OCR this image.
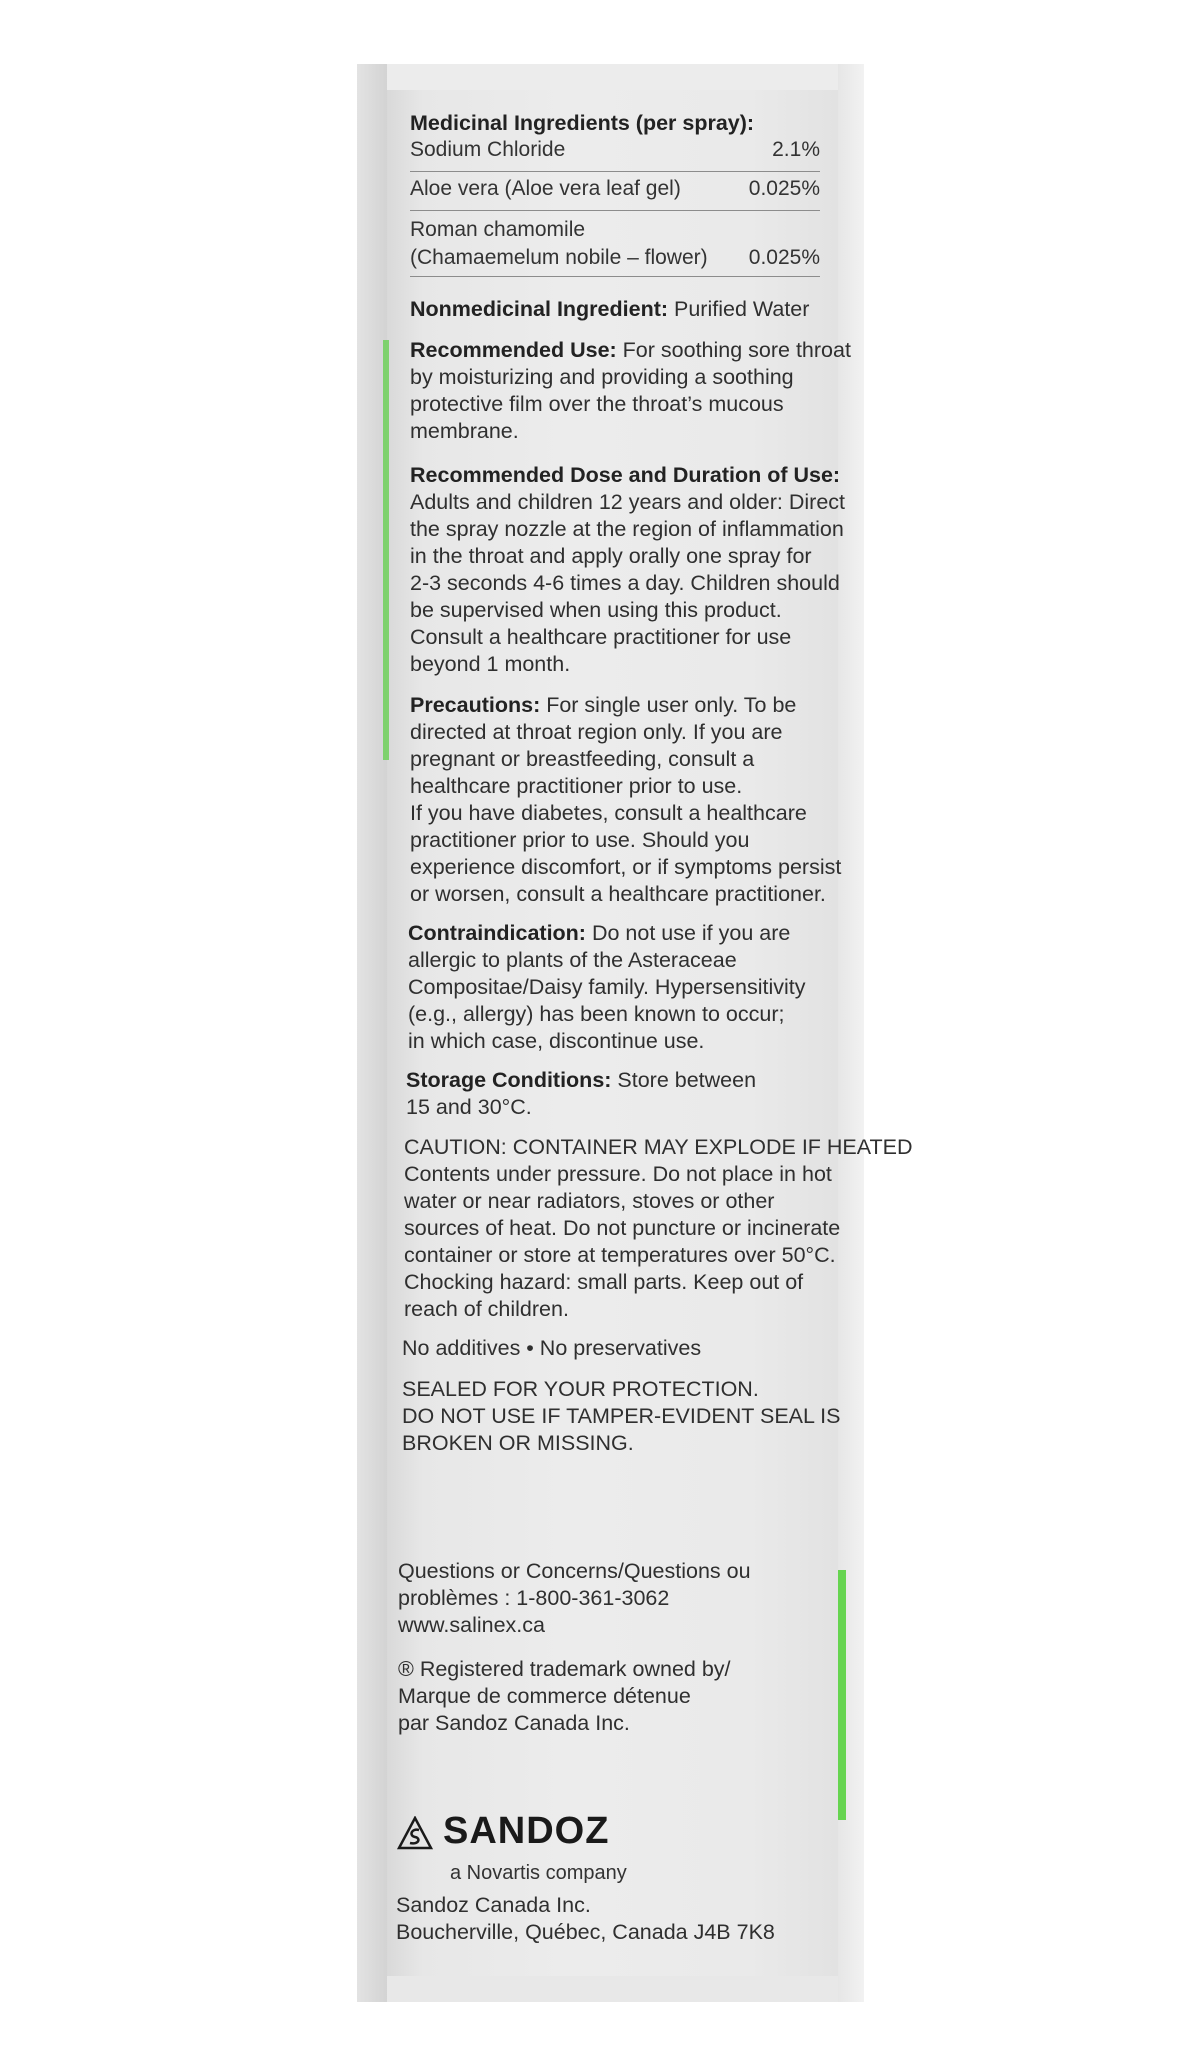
Medicinal Ingredients (per spray):
Sodium Chloride	2.1%
Aloe vera (Aloe vera leaf gel)	0.025%
Roman chamomile
(Chamaemelum nobile – flower)	0.025%
Nonmedicinal Ingredient: Purified Water
Recommended Use: For soothing sore throat
by moisturizing and providing a soothing
protective film over the throat’s mucous
membrane.
Recommended Dose and Duration of Use:
Adults and children 12 years and older: Direct
the spray nozzle at the region of inflammation
in the throat and apply orally one spray for
2-3 seconds 4-6 times a day. Children should
be supervised when using this product.
Consult a healthcare practitioner for use
beyond 1 month.
Precautions: For single user only. To be
directed at throat region only. If you are
pregnant or breastfeeding, consult a
healthcare practitioner prior to use.
If you have diabetes, consult a healthcare
practitioner prior to use. Should you
experience discomfort, or if symptoms persist
or worsen, consult a healthcare practitioner.
Contraindication: Do not use if you are
allergic to plants of the Asteraceae
Compositae/Daisy family. Hypersensitivity
(e.g., allergy) has been known to occur;
in which case, discontinue use.
Storage Conditions: Store between
15 and 30°C.
CAUTION: CONTAINER MAY EXPLODE IF HEATED
Contents under pressure. Do not place in hot
water or near radiators, stoves or other
sources of heat. Do not puncture or incinerate
container or store at temperatures over 50°C.
Chocking hazard: small parts. Keep out of
reach of children.
No additives • No preservatives
SEALED FOR YOUR PROTECTION.
DO NOT USE IF TAMPER-EVIDENT SEAL IS
BROKEN OR MISSING.
Questions or Concerns/Questions ou
problèmes : 1-800-361-3062
www.salinex.ca
® Registered trademark owned by/
Marque de commerce détenue
par Sandoz Canada Inc.
SANDOZ
a Novartis company
Sandoz Canada Inc.
Boucherville, Québec, Canada J4B 7K8
